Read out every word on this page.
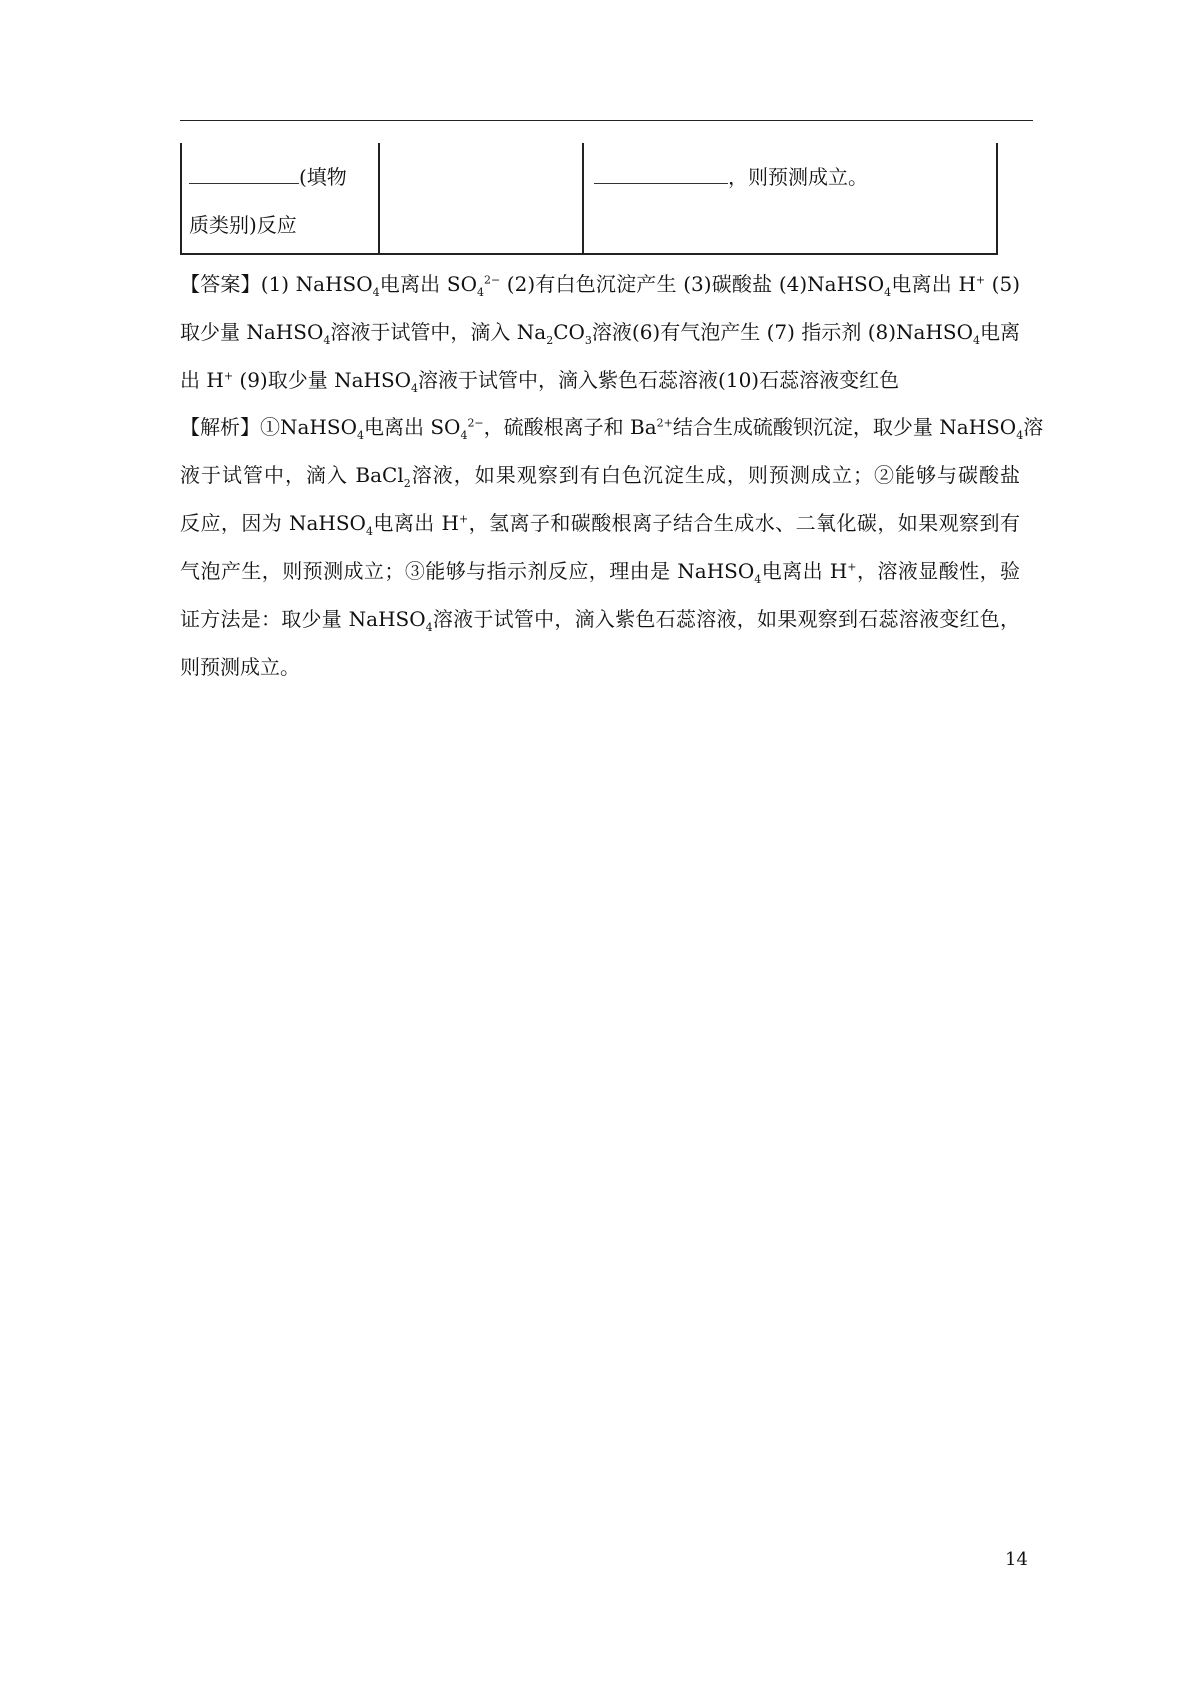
(填物
质类别)反应
，则预测成立。
【答案】(1) NaHSO$_4$电离出 $SO_4^{2-}$ (2)有白色沉淀产生 (3)碳酸盐 (4)NaHSO$_4$电离出 H+ (5)
取少量 NaHSO$_4$溶液于试管中，滴入 $Na_2CO_3$溶液(6)有气泡产生 (7) 指示剂 (8)NaHSO$_4$电离
出 H+ (9)取少量 NaHSO$_4$溶液于试管中，滴入紫色石蕊溶液(10)石蕊溶液变红色
【解析】①NaHSO$_4$电离出 $SO_4^{2-}$，硫酸根离子和 $Ba^{2+}$结合生成硫酸钡沉淀，取少量 NaHSO$_4$溶
液于试管中，滴入 BaCl$_2$溶液，如果观察到有白色沉淀生成，则预测成立；②能够与碳酸盐
反应，因为 NaHSO$_4$电离出 H+，氢离子和碳酸根离子结合生成水、二氧化碳，如果观察到有
气泡产生，则预测成立；③能够与指示剂反应，理由是 NaHSO$_4$电离出 H+，溶液显酸性，验
证方法是：取少量 NaHSO$_4$溶液于试管中，滴入紫色石蕊溶液，如果观察到石蕊溶液变红色，
则预测成立。
14
